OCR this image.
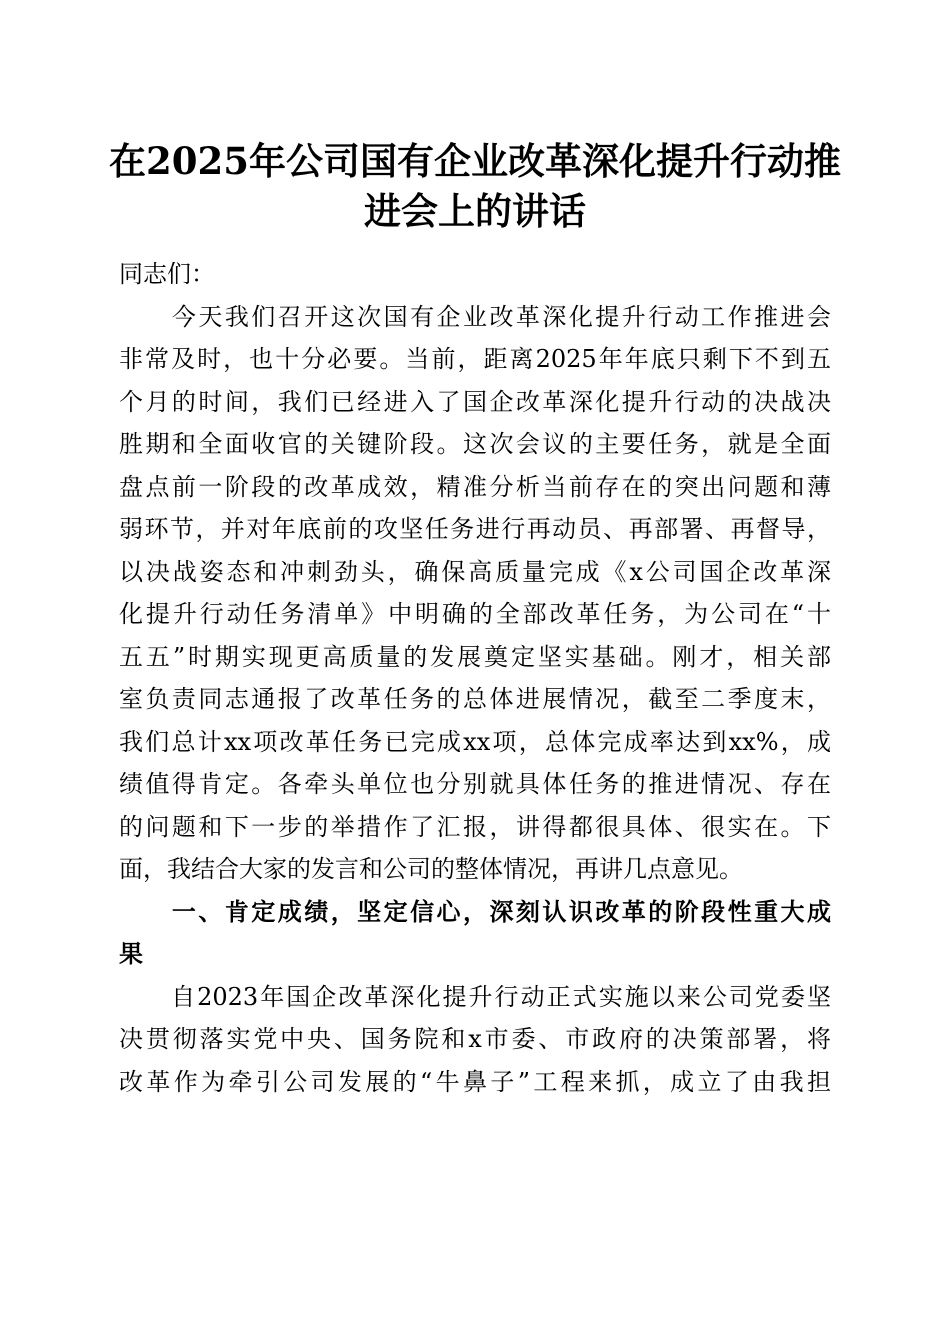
在2025年公司国有企业改革深化提升行动推
进会上的讲话
同志们：
　　今天我们召开这次国有企业改革深化提升行动工作推进会
非常及时，也十分必要。当前，距离2025年年底只剩下不到五
个月的时间，我们已经进入了国企改革深化提升行动的决战决
胜期和全面收官的关键阶段。这次会议的主要任务，就是全面
盘点前一阶段的改革成效，精准分析当前存在的突出问题和薄
弱环节，并对年底前的攻坚任务进行再动员、再部署、再督导，
以决战姿态和冲刺劲头，确保高质量完成《x公司国企改革深
化提升行动任务清单》中明确的全部改革任务，为公司在“十
五五”时期实现更高质量的发展奠定坚实基础。刚才，相关部
室负责同志通报了改革任务的总体进展情况，截至二季度末，
我们总计xx项改革任务已完成xx项，总体完成率达到xx%，成
绩值得肯定。各牵头单位也分别就具体任务的推进情况、存在
的问题和下一步的举措作了汇报，讲得都很具体、很实在。下
面，我结合大家的发言和公司的整体情况，再讲几点意见。
　　一、肯定成绩，坚定信心，深刻认识改革的阶段性重大成
果
　　自2023年国企改革深化提升行动正式实施以来公司党委坚
决贯彻落实党中央、国务院和x市委、市政府的决策部署，将
改革作为牵引公司发展的“牛鼻子”工程来抓，成立了由我担
